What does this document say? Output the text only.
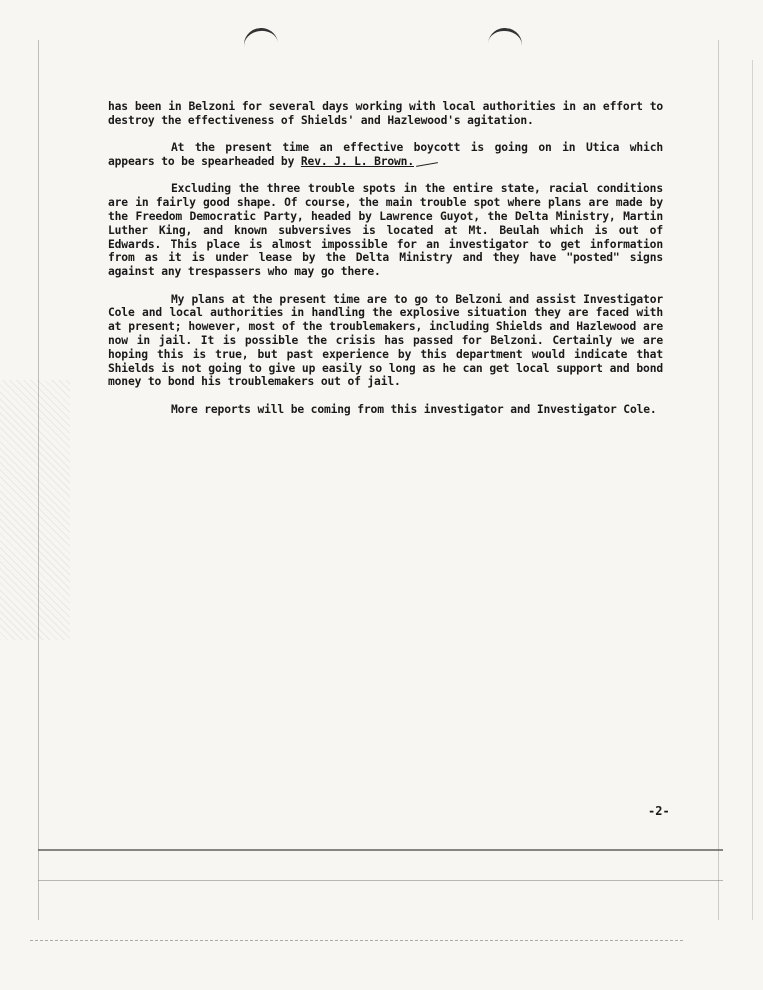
has been in Belzoni for several days working with local authorities in an effort to destroy the effectiveness of Shields' and Hazlewood's agitation.

At the present time an effective boycott is going on in Utica which appears to be spearheaded by Rev. J. L. Brown.

Excluding the three trouble spots in the entire state, racial conditions are in fairly good shape. Of course, the main trouble spot where plans are made by the Freedom Democratic Party, headed by Lawrence Guyot, the Delta Ministry, Martin Luther King, and known subversives is located at Mt. Beulah which is out of Edwards. This place is almost impossible for an investigator to get information from as it is under lease by the Delta Ministry and they have "posted" signs against any trespassers who may go there.

My plans at the present time are to go to Belzoni and assist Investigator Cole and local authorities in handling the explosive situation they are faced with at present; however, most of the troublemakers, including Shields and Hazlewood are now in jail. It is possible the crisis has passed for Belzoni. Certainly we are hoping this is true, but past experience by this department would indicate that Shields is not going to give up easily so long as he can get local support and bond money to bond his troublemakers out of jail.

More reports will be coming from this investigator and Investigator Cole.

-2-
